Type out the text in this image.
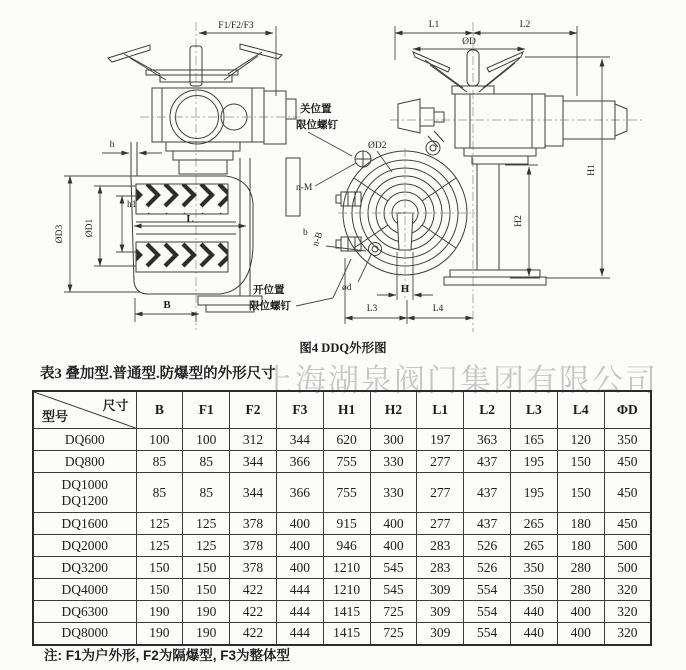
F1/F2/F3
L
h
ØD3 ØD1
h1
B
L1	L2
ØD
关位置
限位螺钉
ØD2
n-M
b n-B
开位置
限位螺钉
ød	H
L3	L4
H2
H1
图4 DDQ外形图
上海湖泉阀门集团有限公司
表3 叠加型.普通型.防爆型的外形尺寸
尺寸
型号	B	F1	F2	F3	H1	H2	L1	L2	L3	L4	ΦD

DQ600	100	100	312	344	620	300	197	363	165	120	350

DQ800	85	85	344	366	755	330	277	437	195	150	450

DQ1000
DQ1200	85	85	344	366	755	330	277	437	195	150	450

DQ1600	125	125	378	400	915	400	277	437	265	180	450

DQ2000	125	125	378	400	946	400	283	526	265	180	500

DQ3200	150	150	378	400	1210	545	283	526	350	280	500

DQ4000	150	150	422	444	1210	545	309	554	350	280	320

DQ6300	190	190	422	444	1415	725	309	554	440	400	320

DQ8000	190	190	422	444	1415	725	309	554	440	400	320
注: F1为户外形, F2为隔爆型, F3为整体型
